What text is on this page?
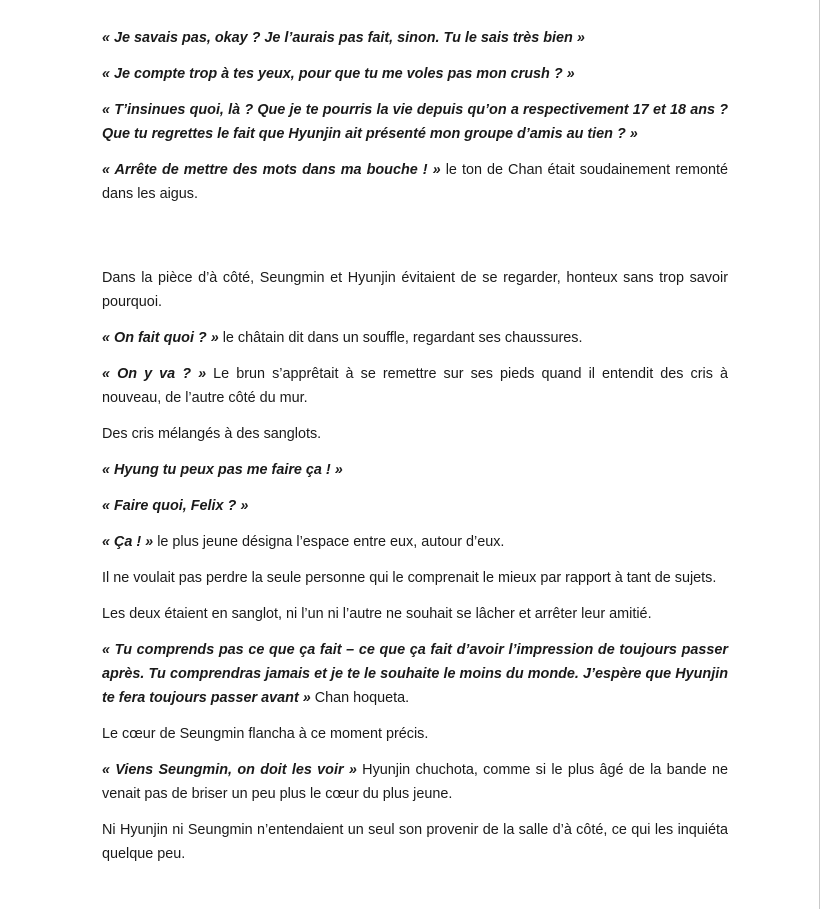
« Je savais pas, okay ? Je l’aurais pas fait, sinon. Tu le sais très bien »

« Je compte trop à tes yeux, pour que tu me voles pas mon crush ? »

« T’insinues quoi, là ? Que je te pourris la vie depuis qu’on a respectivement 17 et 18 ans ? Que tu regrettes le fait que Hyunjin ait présenté mon groupe d’amis au tien ? »

« Arrête de mettre des mots dans ma bouche ! » le ton de Chan était soudainement remonté dans les aigus.

Dans la pièce d’à côté, Seungmin et Hyunjin évitaient de se regarder, honteux sans trop savoir pourquoi.

« On fait quoi ? » le châtain dit dans un souffle, regardant ses chaussures.

« On y va ? » Le brun s’apprêtait à se remettre sur ses pieds quand il entendit des cris à nouveau, de l’autre côté du mur.

Des cris mélangés à des sanglots.

« Hyung tu peux pas me faire ça ! »

« Faire quoi, Felix ? »

« Ça ! » le plus jeune désigna l’espace entre eux, autour d’eux.

Il ne voulait pas perdre la seule personne qui le comprenait le mieux par rapport à tant de sujets.

Les deux étaient en sanglot, ni l’un ni l’autre ne souhait se lâcher et arrêter leur amitié.

« Tu comprends pas ce que ça fait – ce que ça fait d’avoir l’impression de toujours passer après. Tu comprendras jamais et je te le souhaite le moins du monde. J’espère que Hyunjin te fera toujours passer avant » Chan hoqueta.

Le cœur de Seungmin flancha à ce moment précis.

« Viens Seungmin, on doit les voir » Hyunjin chuchota, comme si le plus âgé de la bande ne venait pas de briser un peu plus le cœur du plus jeune.

Ni Hyunjin ni Seungmin n’entendaient un seul son provenir de la salle d’à côté, ce qui les inquiéta quelque peu.
